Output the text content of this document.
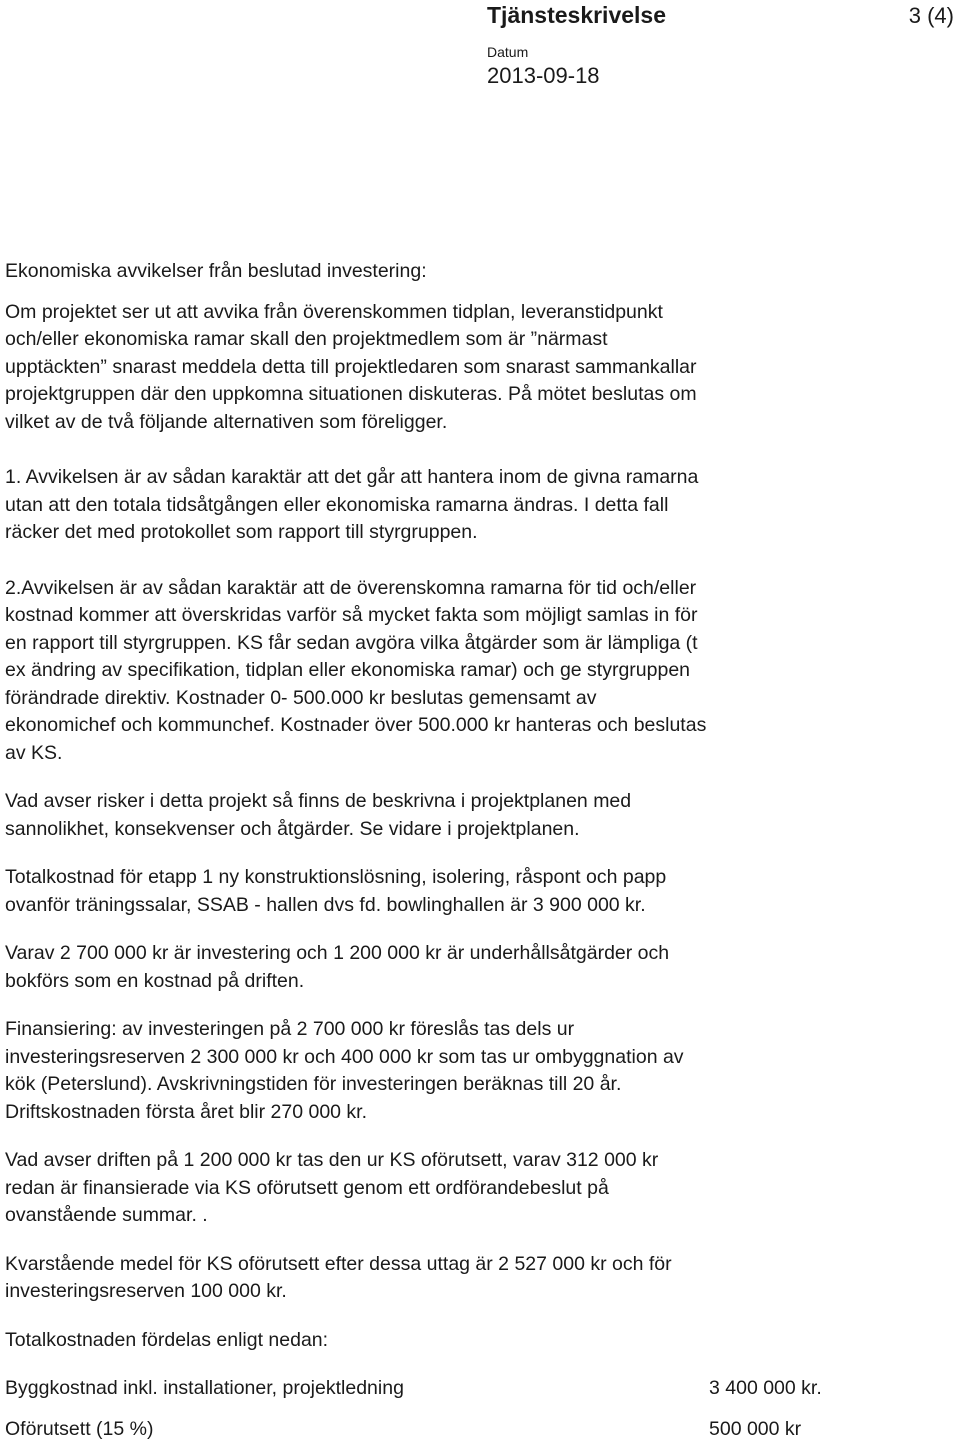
Tjänsteskrivelse	3 (4)
Datum
2013-09-18

Ekonomiska avvikelser från beslutad investering:

Om projektet ser ut att avvika från överenskommen tidplan, leveranstidpunkt

och/eller ekonomiska ramar skall den projektmedlem som är ”närmast

upptäckten” snarast meddela detta till projektledaren som snarast sammankallar

projektgruppen där den uppkomna situationen diskuteras. På mötet beslutas om

vilket av de två följande alternativen som föreligger.

1. Avvikelsen är av sådan karaktär att det går att hantera inom de givna ramarna

utan att den totala tidsåtgången eller ekonomiska ramarna ändras. I detta fall

räcker det med protokollet som rapport till styrgruppen.

2.Avvikelsen är av sådan karaktär att de överenskomna ramarna för tid och/eller

kostnad kommer att överskridas varför så mycket fakta som möjligt samlas in för

en rapport till styrgruppen. KS får sedan avgöra vilka åtgärder som är lämpliga (t

ex ändring av specifikation, tidplan eller ekonomiska ramar) och ge styrgruppen

förändrade direktiv. Kostnader 0- 500.000 kr beslutas gemensamt av

ekonomichef och kommunchef. Kostnader över 500.000 kr hanteras och beslutas

av KS.

Vad avser risker i detta projekt så finns de beskrivna i projektplanen med

sannolikhet, konsekvenser och åtgärder. Se vidare i projektplanen.

Totalkostnad för etapp 1 ny konstruktionslösning, isolering, råspont och papp

ovanför träningssalar, SSAB - hallen dvs fd. bowlinghallen är 3 900 000 kr.

Varav 2 700 000 kr är investering och 1 200 000 kr är underhållsåtgärder och

bokförs som en kostnad på driften.

Finansiering: av investeringen på 2 700 000 kr föreslås tas dels ur

investeringsreserven 2 300 000 kr och 400 000 kr som tas ur ombyggnation av

kök (Peterslund). Avskrivningstiden för investeringen beräknas till 20 år.

Driftskostnaden första året blir 270 000 kr.

Vad avser driften på 1 200 000 kr tas den ur KS oförutsett, varav 312 000 kr

redan är finansierade via KS oförutsett genom ett ordförandebeslut på

ovanstående summar. .

Kvarstående medel för KS oförutsett efter dessa uttag är 2 527 000 kr och för

investeringsreserven 100 000 kr.

Totalkostnaden fördelas enligt nedan:

Byggkostnad inkl. installationer, projektledning	3 400 000 kr.
Oförutsett (15 %)	500 000 kr
